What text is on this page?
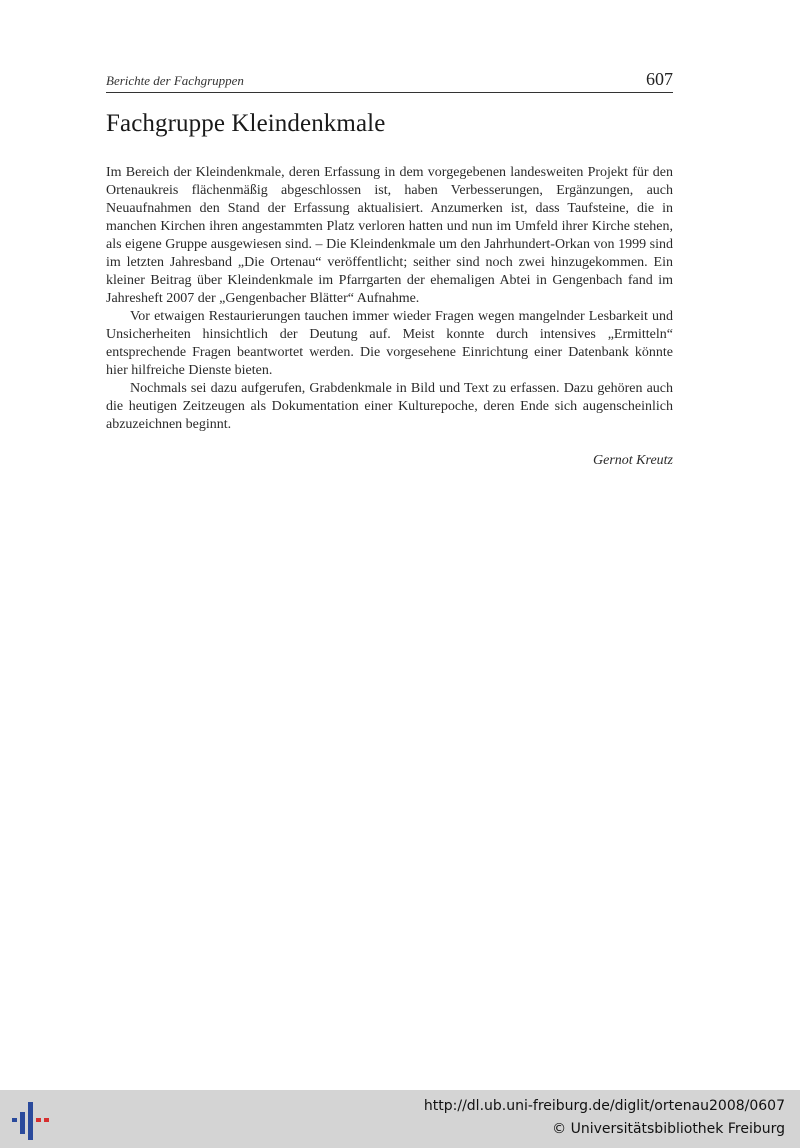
Berichte der Fachgruppen	607
Fachgruppe Kleindenkmale

Im Bereich der Kleindenkmale, deren Erfassung in dem vorgegebenen landesweiten Projekt für den Ortenaukreis flächenmäßig abgeschlossen ist, haben Verbesserungen, Ergänzungen, auch Neuaufnahmen den Stand der Erfassung aktualisiert. Anzumerken ist, dass Taufsteine, die in manchen Kirchen ihren angestammten Platz verloren hatten und nun im Umfeld ihrer Kirche stehen, als eigene Gruppe ausgewiesen sind. – Die Kleindenkmale um den Jahrhundert-Orkan von 1999 sind im letzten Jahresband „Die Ortenau“ veröffentlicht; seither sind noch zwei hinzugekommen. Ein kleiner Beitrag über Kleindenkmale im Pfarrgarten der ehemaligen Abtei in Gengenbach fand im Jahresheft 2007 der „Gengenbacher Blätter“ Aufnahme.

Vor etwaigen Restaurierungen tauchen immer wieder Fragen wegen mangelnder Lesbarkeit und Unsicherheiten hinsichtlich der Deutung auf. Meist konnte durch intensives „Ermitteln“ entsprechende Fragen beantwortet werden. Die vorgesehene Einrichtung einer Datenbank könnte hier hilfreiche Dienste bieten.

Nochmals sei dazu aufgerufen, Grabdenkmale in Bild und Text zu erfassen. Dazu gehören auch die heutigen Zeitzeugen als Dokumentation einer Kulturepoche, deren Ende sich augenscheinlich abzuzeichnen beginnt.

Gernot Kreutz
http://dl.ub.uni-freiburg.de/diglit/ortenau2008/0607
© Universitätsbibliothek Freiburg
